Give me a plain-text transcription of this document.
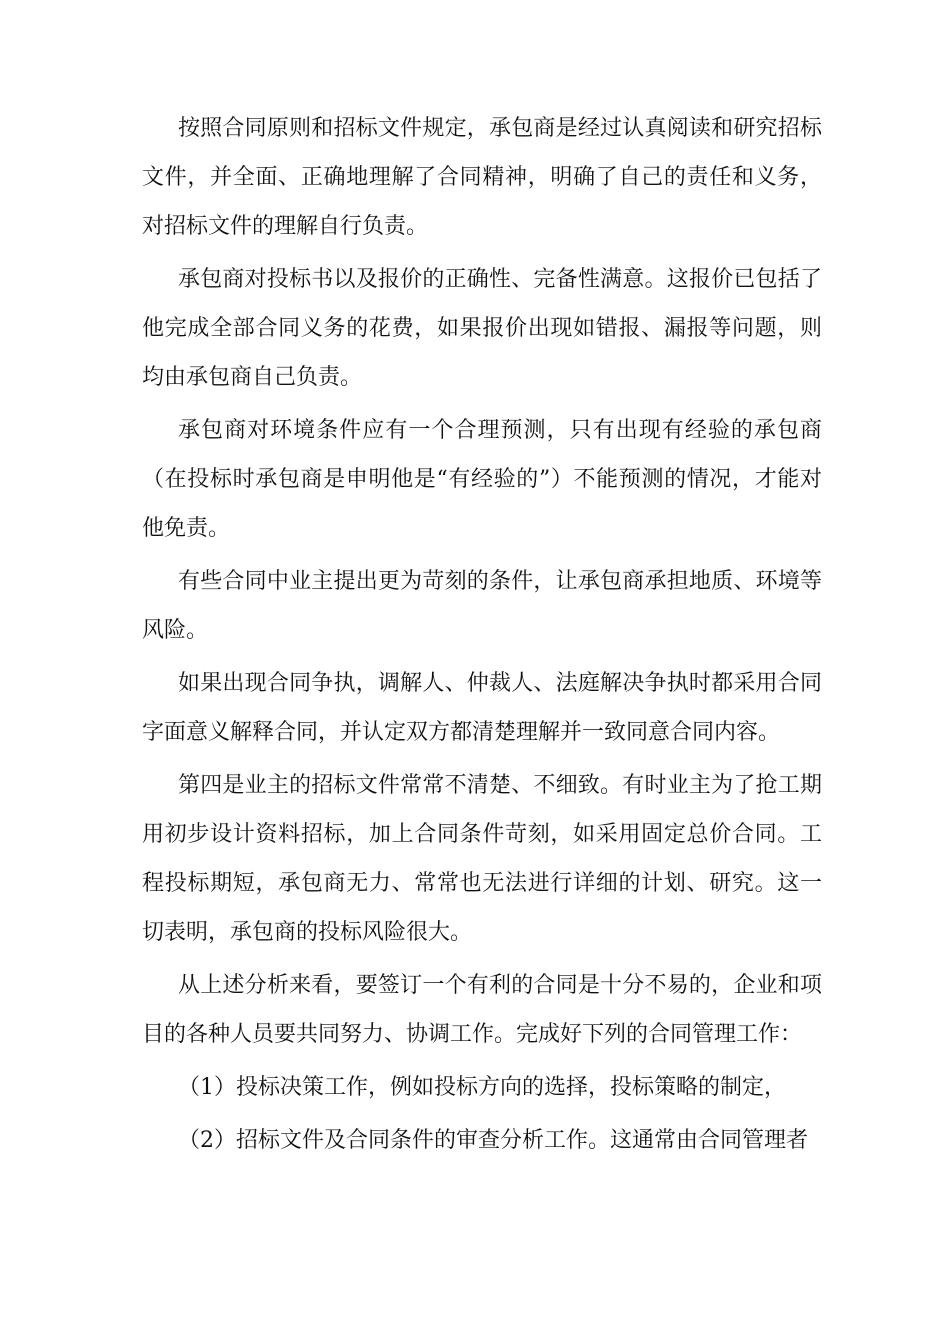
按照合同原则和招标文件规定，承包商是经过认真阅读和研究招标文件，并全面、正确地理解了合同精神，明确了自己的责任和义务， 对招标文件的理解自行负责。

承包商对投标书以及报价的正确性、完备性满意。这报价已包括了他完成全部合同义务的花费，如果报价出现如错报、漏报等问题，则均由承包商自己负责。

承包商对环境条件应有一个合理预测，只有出现有经验的承包商（在投标时承包商是申明他是“有经验的”）不能预测的情况，才能对他免责。

有些合同中业主提出更为苛刻的条件，让承包商承担地质、环境等风险。

如果出现合同争执，调解人、仲裁人、法庭解决争执时都采用合同字面意义解释合同，并认定双方都清楚理解并一致同意合同内容。

第四是业主的招标文件常常不清楚、不细致。有时业主为了抢工期用初步设计资料招标，加上合同条件苛刻，如采用固定总价合同。工程投标期短，承包商无力、常常也无法进行详细的计划、研究。这一切表明，承包商的投标风险很大。

从上述分析来看，要签订一个有利的合同是十分不易的，企业和项目的各种人员要共同努力、协调工作。完成好下列的合同管理工作：

（1）投标决策工作，例如投标方向的选择，投标策略的制定，

（2）招标文件及合同条件的审查分析工作。这通常由合同管理者
